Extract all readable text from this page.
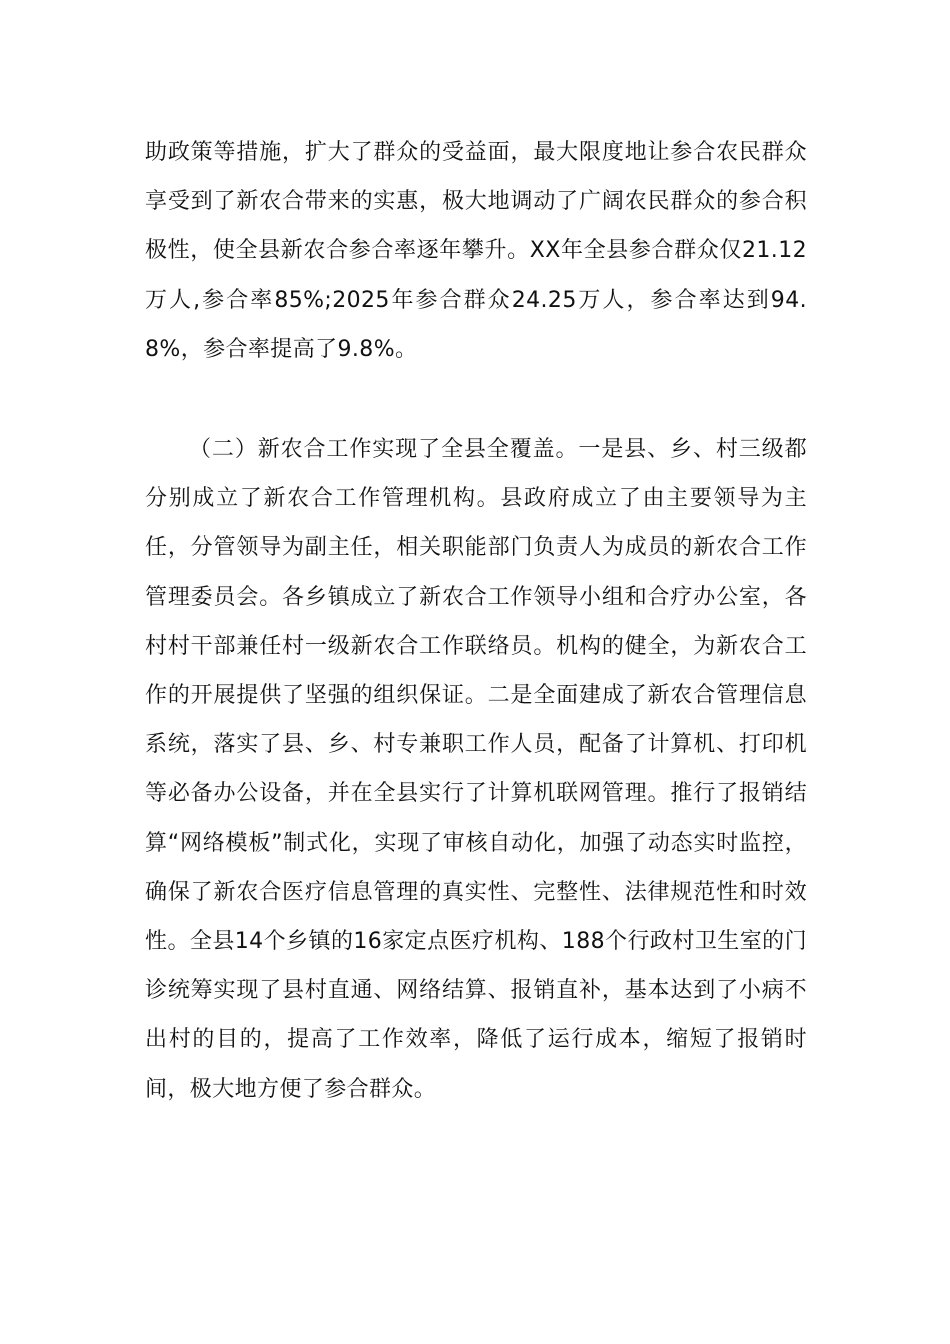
助政策等措施，扩大了群众的受益面，最大限度地让参合农民群众享受到了新农合带来的实惠，极大地调动了广阔农民群众的参合积极性，使全县新农合参合率逐年攀升。XX年全县参合群众仅21.12万人,参合率85%;2025年参合群众24.25万人，参合率达到94.8%，参合率提高了9.8%。

（二）新农合工作实现了全县全覆盖。一是县、乡、村三级都分别成立了新农合工作管理机构。县政府成立了由主要领导为主任，分管领导为副主任，相关职能部门负责人为成员的新农合工作管理委员会。各乡镇成立了新农合工作领导小组和合疗办公室，各村村干部兼任村一级新农合工作联络员。机构的健全，为新农合工作的开展提供了坚强的组织保证。二是全面建成了新农合管理信息系统，落实了县、乡、村专兼职工作人员，配备了计算机、打印机等必备办公设备，并在全县实行了计算机联网管理。推行了报销结算“网络模板”制式化，实现了审核自动化，加强了动态实时监控，确保了新农合医疗信息管理的真实性、完整性、法律规范性和时效性。全县14个乡镇的16家定点医疗机构、188个行政村卫生室的门诊统筹实现了县村直通、网络结算、报销直补，基本达到了小病不出村的目的，提高了工作效率，降低了运行成本，缩短了报销时间，极大地方便了参合群众。
